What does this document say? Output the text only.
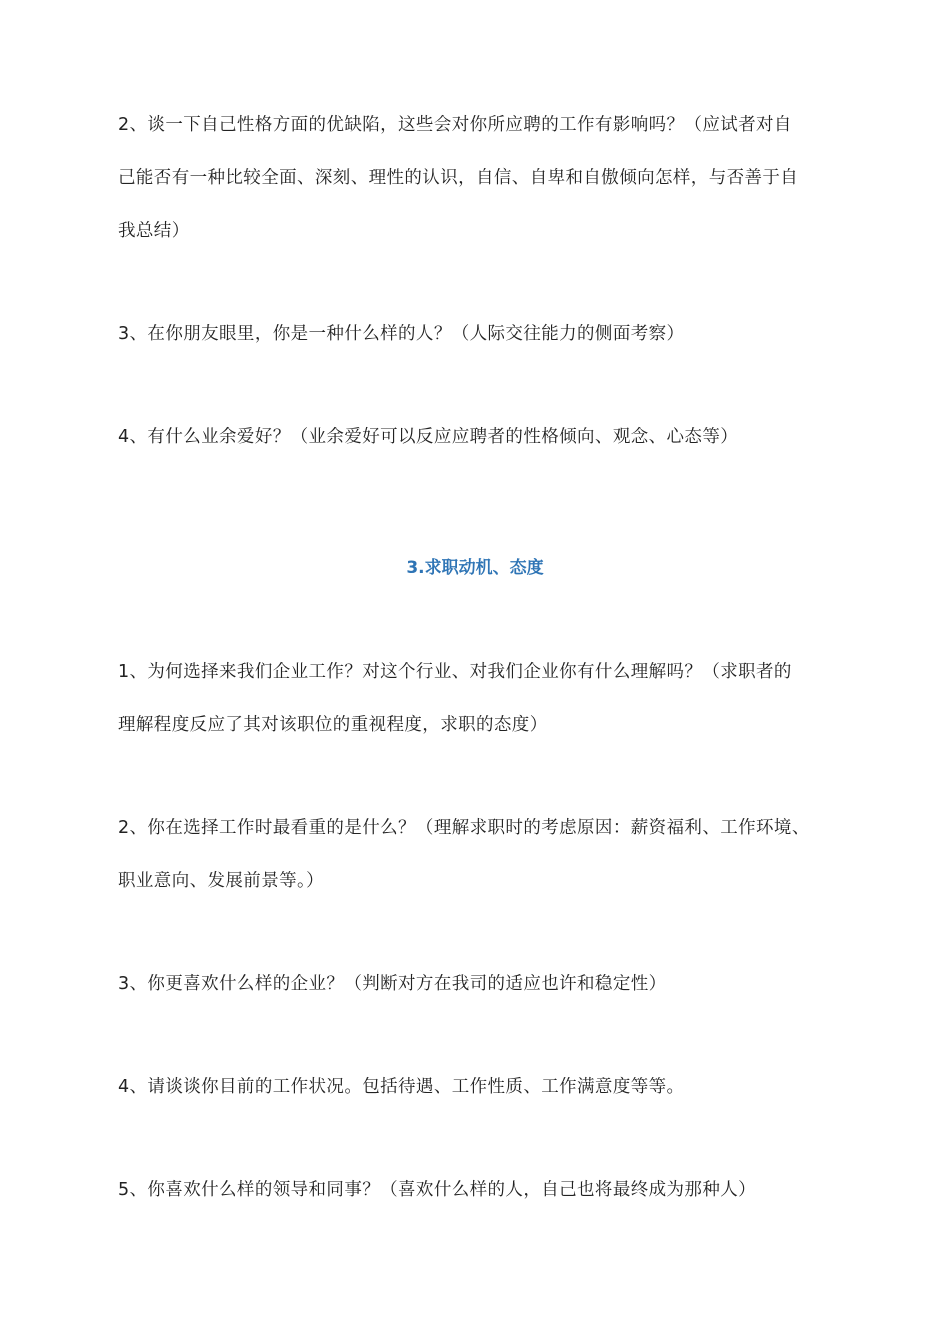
2、谈一下自己性格方面的优缺陷，这些会对你所应聘的工作有影响吗？（应试者对自
己能否有一种比较全面、深刻、理性的认识，自信、自卑和自傲倾向怎样，与否善于自
我总结）
3、在你朋友眼里，你是一种什么样的人？（人际交往能力的侧面考察）
4、有什么业余爱好？（业余爱好可以反应应聘者的性格倾向、观念、心态等）
3.求职动机、态度
1、为何选择来我们企业工作？对这个行业、对我们企业你有什么理解吗？（求职者的
理解程度反应了其对该职位的重视程度，求职的态度）
2、你在选择工作时最看重的是什么？（理解求职时的考虑原因：薪资福利、工作环境、
职业意向、发展前景等。）
3、你更喜欢什么样的企业？（判断对方在我司的适应也许和稳定性）
4、请谈谈你目前的工作状况。包括待遇、工作性质、工作满意度等等。
5、你喜欢什么样的领导和同事？（喜欢什么样的人，自己也将最终成为那种人）
